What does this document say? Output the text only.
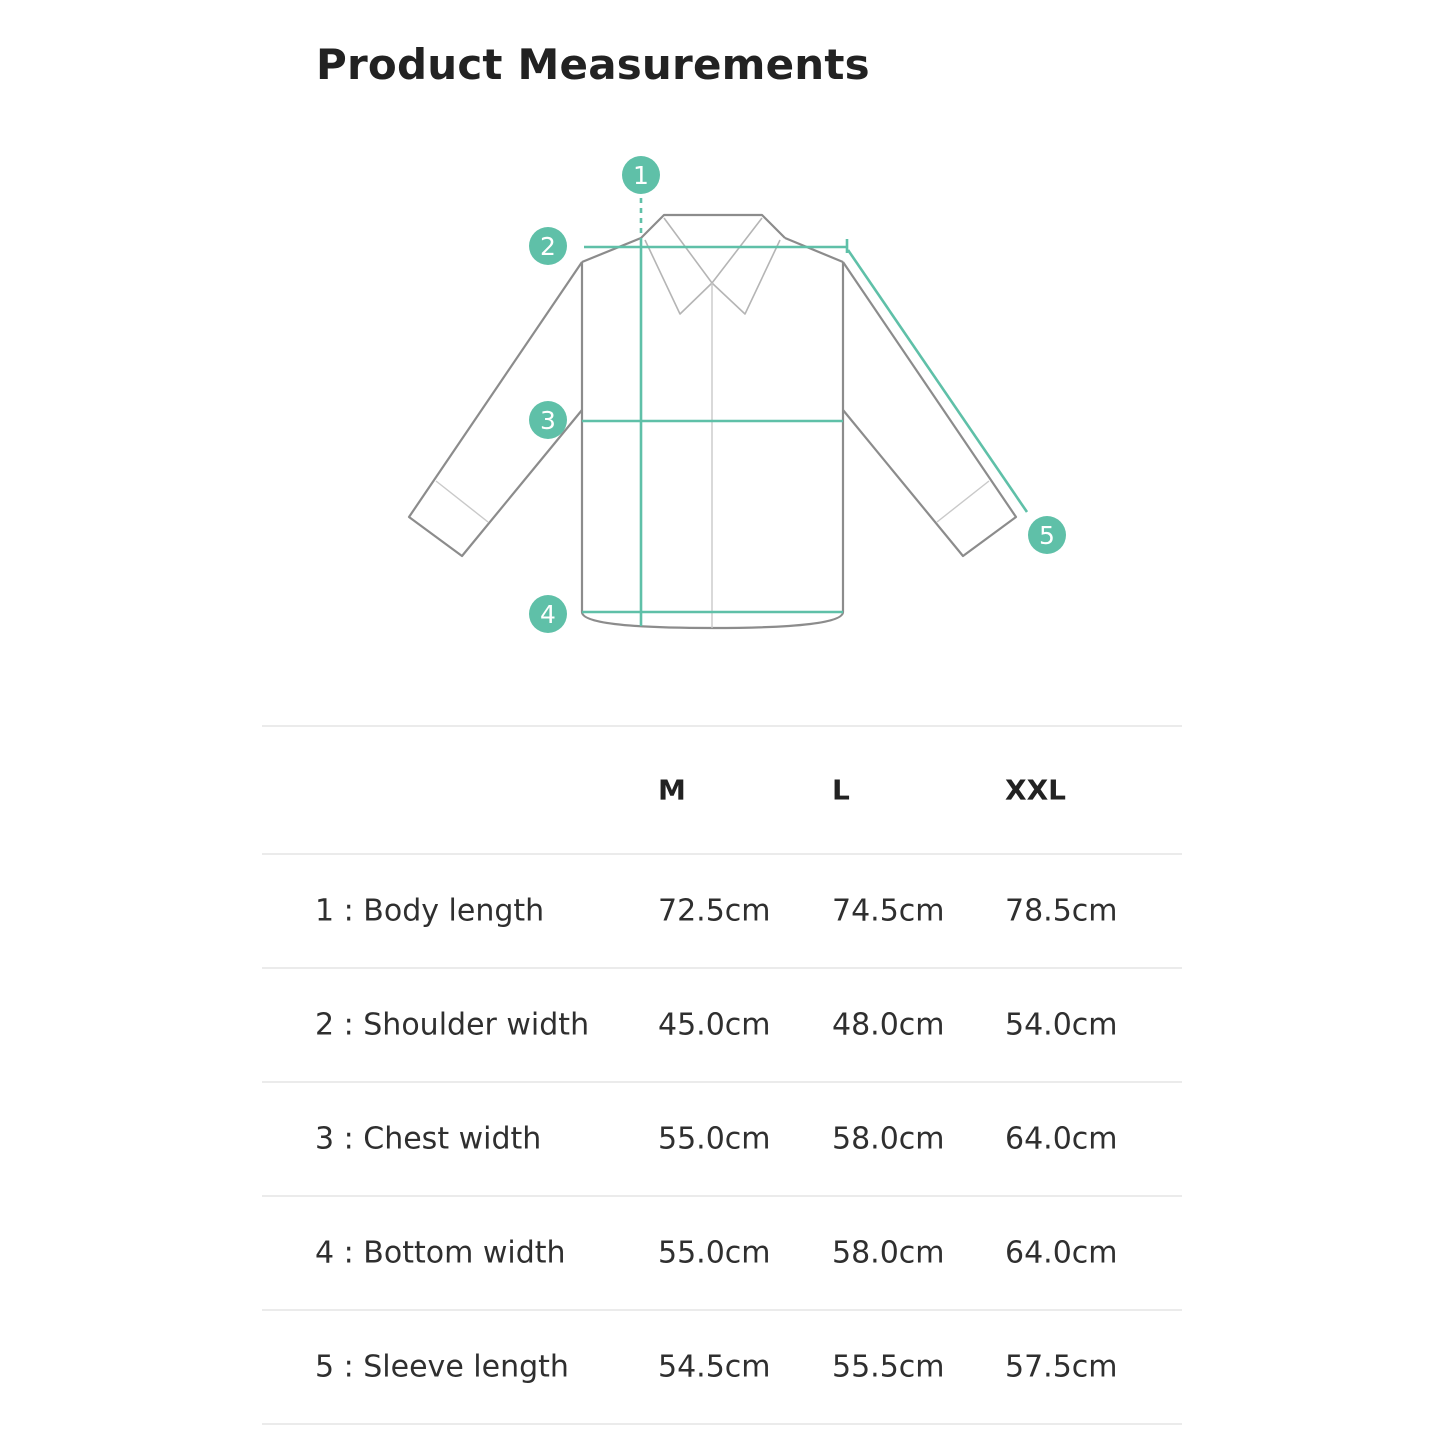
Product Measurements
1
2
3
4
5
M	L	XXL
1 : Body length	72.5cm 74.5cm 78.5cm
2 : Shoulder width 45.0cm 48.0cm 54.0cm
3 : Chest width	55.0cm 58.0cm 64.0cm
4 : Bottom width	55.0cm 58.0cm 64.0cm
5 : Sleeve length	54.5cm 55.5cm 57.5cm
